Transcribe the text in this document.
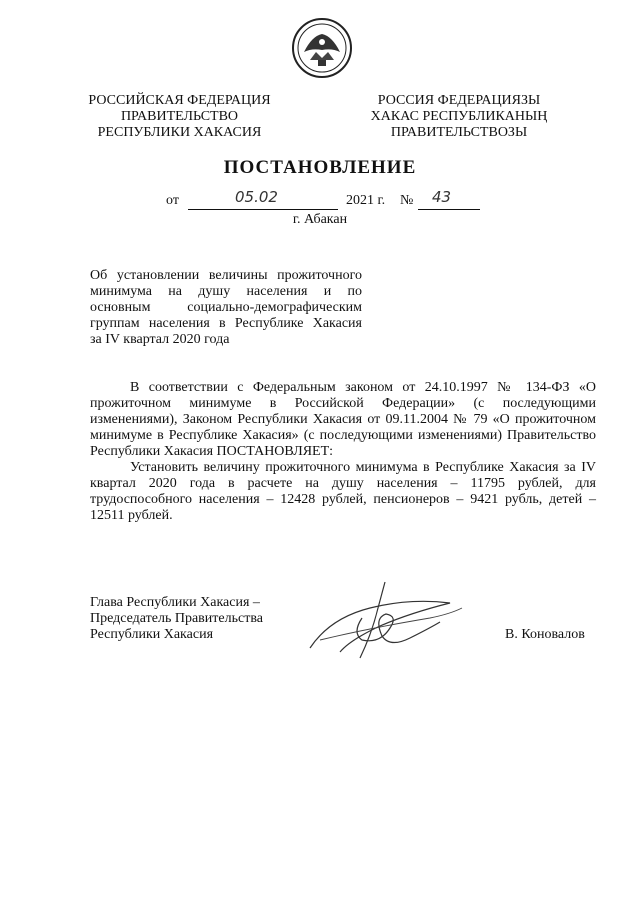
РОССИЙСКАЯ ФЕДЕРАЦИЯ
ПРАВИТЕЛЬСТВО
РЕСПУБЛИКИ ХАКАСИЯ
РОССИЯ ФЕДЕРАЦИЯЗЫ
ХАКАС РЕСПУБЛИКАНЫҢ
ПРАВИТЕЛЬСТВОЗЫ
ПОСТАНОВЛЕНИЕ
от	05.02	2021 г. № 43
г. Абакан
Об установлении величины прожиточного
минимума на душу населения и по
основным социально-демографическим
группам населения в Республике Хакасия
за IV квартал 2020 года

В соответствии с Федеральным законом от 24.10.1997 № 134-ФЗ «О прожиточном минимуме в Российской Федерации» (с последующими изменениями), Законом Республики Хакасия от 09.11.2004 № 79 «О прожиточном минимуме в Республике Хакасия» (с последующими изменениями) Правительство Республики Хакасия ПОСТАНОВЛЯЕТ:

Установить величину прожиточного минимума в Республике Хакасия за IV квартал 2020 года в расчете на душу населения – 11795 рублей, для трудоспособного населения – 12428 рублей, пенсионеров – 9421 рубль, детей – 12511 рублей.

Глава Республики Хакасия –
Председатель Правительства
Республики Хакасия	В. Коновалов
